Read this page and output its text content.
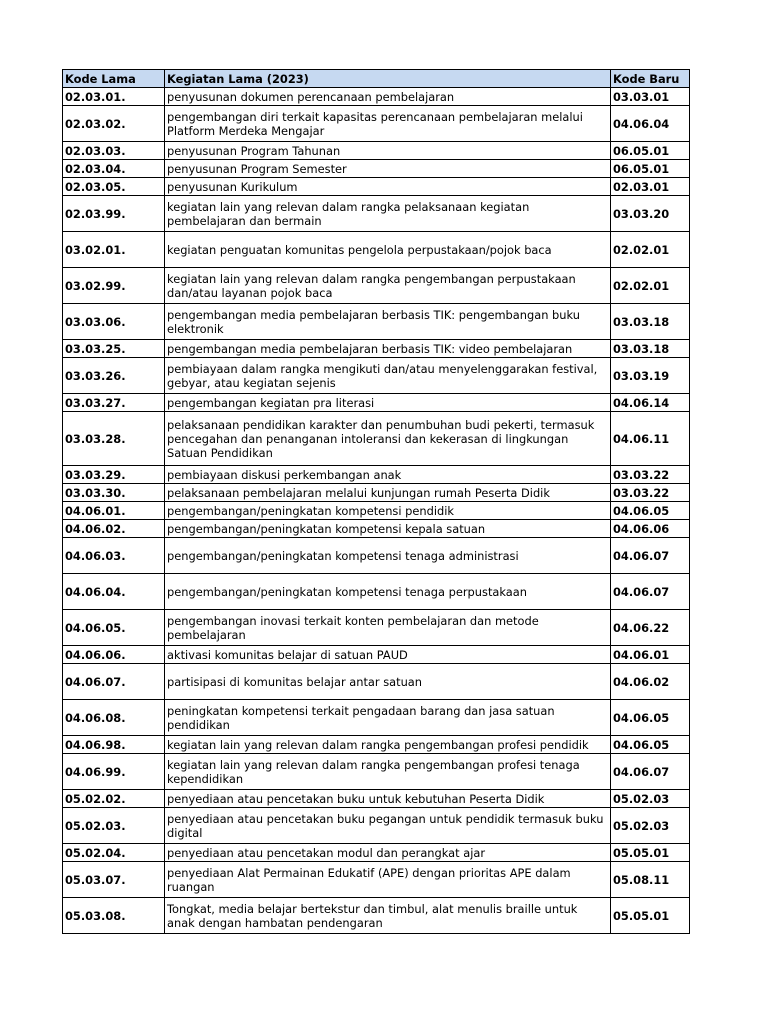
Kode Lama	Kegiatan Lama (2023)	Kode Baru
02.03.01.	penyusunan dokumen perencanaan pembelajaran	03.03.01
02.03.02.	pengembangan diri terkait kapasitas perencanaan pembelajaran melalui Platform Merdeka Mengajar	04.06.04
02.03.03.	penyusunan Program Tahunan	06.05.01
02.03.04.	penyusunan Program Semester	06.05.01
02.03.05.	penyusunan Kurikulum	02.03.01
02.03.99.	kegiatan lain yang relevan dalam rangka pelaksanaan kegiatan pembelajaran dan bermain	03.03.20
03.02.01.	kegiatan penguatan komunitas pengelola perpustakaan/pojok baca	02.02.01
03.02.99.	kegiatan lain yang relevan dalam rangka pengembangan perpustakaan dan/atau layanan pojok baca	02.02.01
03.03.06.	pengembangan media pembelajaran berbasis TIK: pengembangan buku elektronik	03.03.18
03.03.25.	pengembangan media pembelajaran berbasis TIK: video pembelajaran	03.03.18
03.03.26.	pembiayaan dalam rangka mengikuti dan/atau menyelenggarakan festival, gebyar, atau kegiatan sejenis	03.03.19
03.03.27.	pengembangan kegiatan pra literasi	04.06.14
03.03.28.	pelaksanaan pendidikan karakter dan penumbuhan budi pekerti, termasuk pencegahan dan penanganan intoleransi dan kekerasan di lingkungan Satuan Pendidikan	04.06.11
03.03.29.	pembiayaan diskusi perkembangan anak	03.03.22
03.03.30.	pelaksanaan pembelajaran melalui kunjungan rumah Peserta Didik	03.03.22
04.06.01.	pengembangan/peningkatan kompetensi pendidik	04.06.05
04.06.02.	pengembangan/peningkatan kompetensi kepala satuan	04.06.06
04.06.03.	pengembangan/peningkatan kompetensi tenaga administrasi	04.06.07
04.06.04.	pengembangan/peningkatan kompetensi tenaga perpustakaan	04.06.07
04.06.05.	pengembangan inovasi terkait konten pembelajaran dan metode pembelajaran	04.06.22
04.06.06.	aktivasi komunitas belajar di satuan PAUD	04.06.01
04.06.07.	partisipasi di komunitas belajar antar satuan	04.06.02
04.06.08.	peningkatan kompetensi terkait pengadaan barang dan jasa satuan pendidikan	04.06.05
04.06.98.	kegiatan lain yang relevan dalam rangka pengembangan profesi pendidik	04.06.05
04.06.99.	kegiatan lain yang relevan dalam rangka pengembangan profesi tenaga kependidikan	04.06.07
05.02.02.	penyediaan atau pencetakan buku untuk kebutuhan Peserta Didik	05.02.03
05.02.03.	penyediaan atau pencetakan buku pegangan untuk pendidik termasuk buku digital	05.02.03
05.02.04.	penyediaan atau pencetakan modul dan perangkat ajar	05.05.01
05.03.07.	penyediaan Alat Permainan Edukatif (APE) dengan prioritas APE dalam ruangan	05.08.11
05.03.08.	Tongkat, media belajar bertekstur dan timbul, alat menulis braille untuk anak dengan hambatan pendengaran	05.05.01
